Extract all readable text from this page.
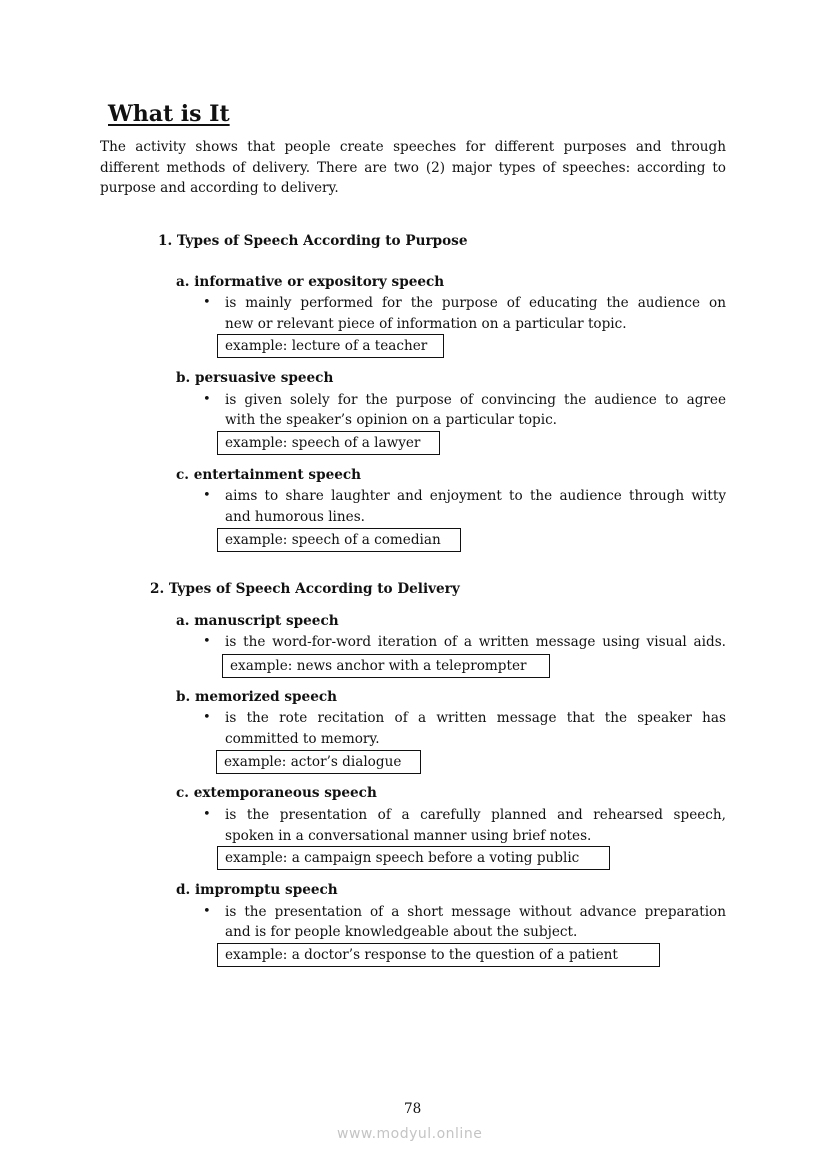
What is It
The activity shows that people create speeches for different purposes and through
different methods of delivery. There are two (2) major types of speeches: according to
purpose and according to delivery.
78
www.modyul.online
1. Types of Speech According to Purpose
a. informative or expository speech
• is mainly performed for the purpose of educating the audience on
new or relevant piece of information on a particular topic.
example: lecture of a teacher
b. persuasive speech
• is given solely for the purpose of convincing the audience to agree
with the speaker’s opinion on a particular topic.
example: speech of a lawyer
c. entertainment speech
• aims to share laughter and enjoyment to the audience through witty
and humorous lines.
example: speech of a comedian
2. Types of Speech According to Delivery
a. manuscript speech
• is the word-for-word iteration of a written message using visual aids.
example: news anchor with a teleprompter
b. memorized speech
• is the rote recitation of a written message that the speaker has
committed to memory.
example: actor’s dialogue
c. extemporaneous speech
• is the presentation of a carefully planned and rehearsed speech,
spoken in a conversational manner using brief notes.
example: a campaign speech before a voting public
d. impromptu speech
• is the presentation of a short message without advance preparation
and is for people knowledgeable about the subject.
example: a doctor’s response to the question of a patient
